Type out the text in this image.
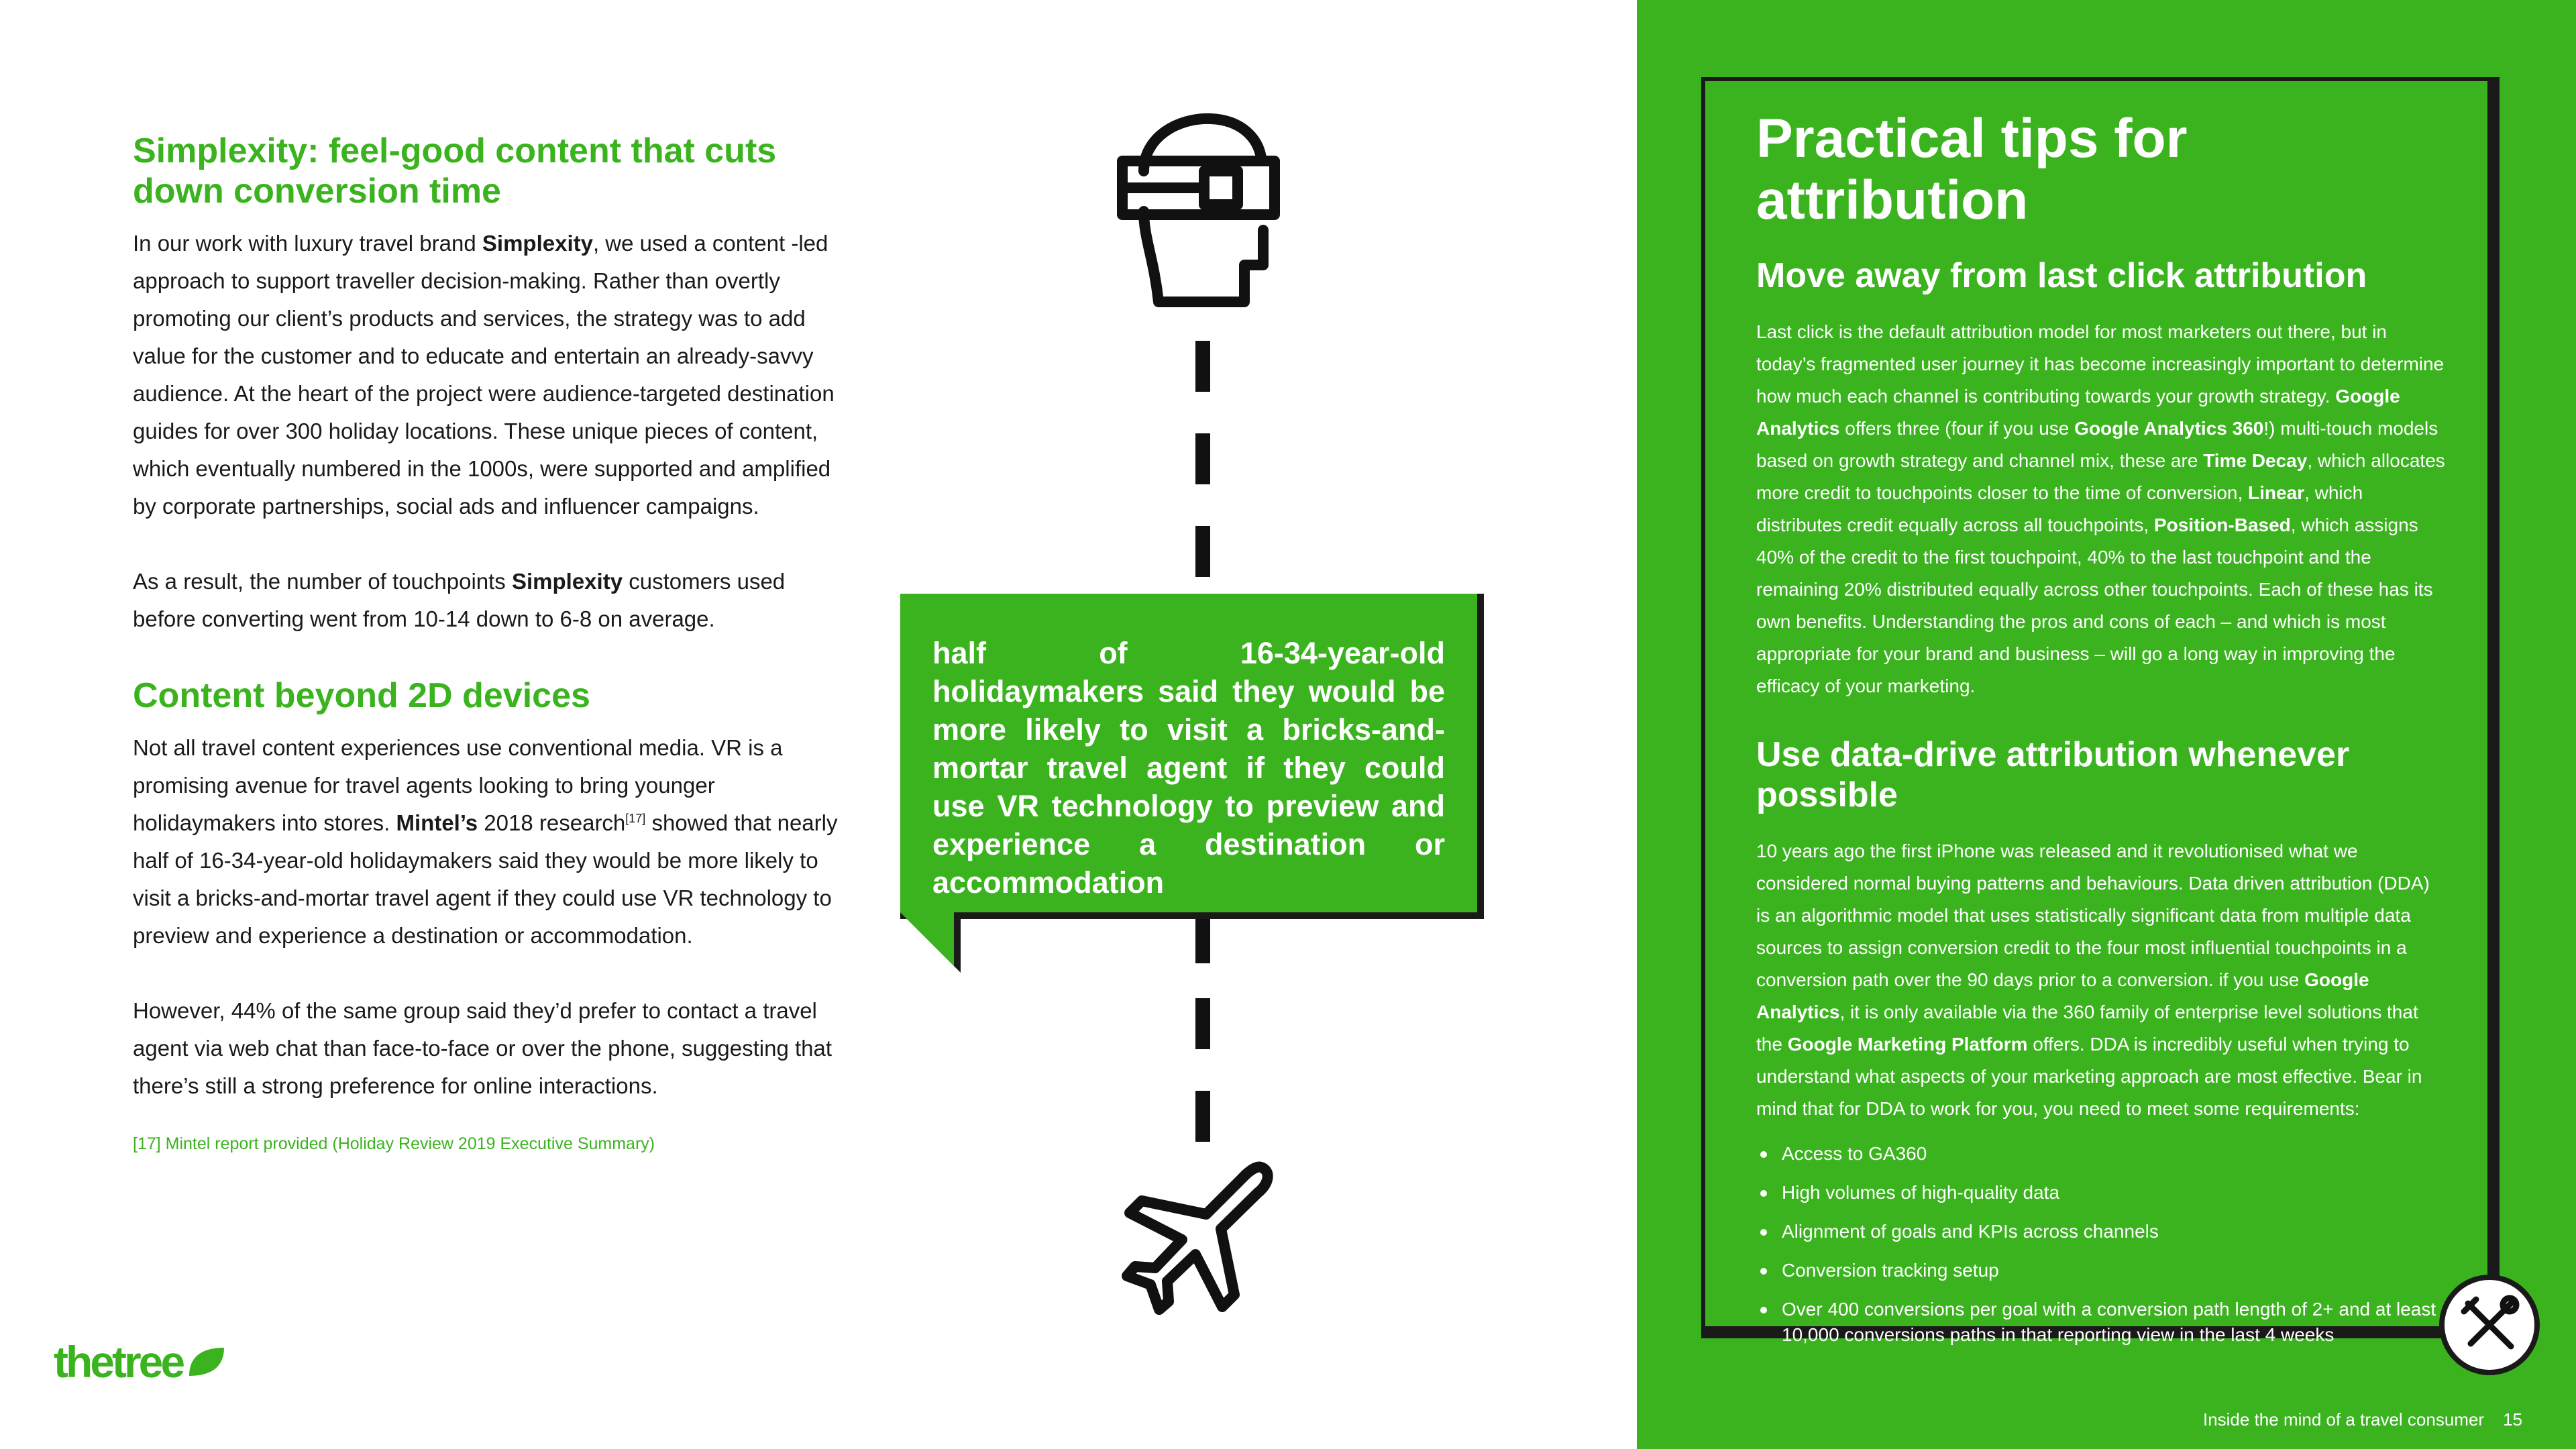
Simplexity: feel-good content that cuts down conversion time

In our work with luxury travel brand Simplexity, we used a content -led approach to support traveller decision-making. Rather than overtly promoting our client’s products and services, the strategy was to add value for the customer and to educate and entertain an already-savvy audience. At the heart of the project were audience-targeted destination guides for over 300 holiday locations. These unique pieces of content, which eventually numbered in the 1000s, were supported and amplified by corporate partnerships, social ads and influencer campaigns.

As a result, the number of touchpoints Simplexity customers used before converting went from 10-14 down to 6-8 on average.

Content beyond 2D devices

Not all travel content experiences use conventional media. VR is a promising avenue for travel agents looking to bring younger holidaymakers into stores. Mintel’s 2018 research[17] showed that nearly half of 16-34-year-old holidaymakers said they would be more likely to visit a bricks-and-mortar travel agent if they could use VR technology to preview and experience a destination or accommodation.

However, 44% of the same group said they’d prefer to contact a travel agent via web chat than face-to-face or over the phone, suggesting that there’s still a strong preference for online interactions.

[17] Mintel report provided (Holiday Review 2019 Executive Summary)

thetree

half of 16-34-year-old holidaymakers said they would be more likely to visit a bricks-and-mortar travel agent if they could use VR technology to preview and experience a destination or accommodation

Practical tips for attribution
Move away from last click attribution

Last click is the default attribution model for most marketers out there, but in today’s fragmented user journey it has become increasingly important to determine how much each channel is contributing towards your growth strategy. Google Analytics offers three (four if you use Google Analytics 360!) multi-touch models based on growth strategy and channel mix, these are Time Decay, which allocates more credit to touchpoints closer to the time of conversion, Linear, which distributes credit equally across all touchpoints, Position-Based, which assigns 40% of the credit to the first touchpoint, 40% to the last touchpoint and the remaining 20% distributed equally across other touchpoints. Each of these has its own benefits. Understanding the pros and cons of each – and which is most appropriate for your brand and business – will go a long way in improving the efficacy of your marketing.

Use data-drive attribution whenever possible

10 years ago the first iPhone was released and it revolutionised what we considered normal buying patterns and behaviours. Data driven attribution (DDA) is an algorithmic model that uses statistically significant data from multiple data sources to assign conversion credit to the four most influential touchpoints in a conversion path over the 90 days prior to a conversion. if you use Google Analytics, it is only available via the 360 family of enterprise level solutions that the Google Marketing Platform offers. DDA is incredibly useful when trying to understand what aspects of your marketing approach are most effective. Bear in mind that for DDA to work for you, you need to meet some requirements:

Access to GA360
High volumes of high-quality data
Alignment of goals and KPIs across channels
Conversion tracking setup
Over 400 conversions per goal with a conversion path length of 2+ and at least 10,000 conversions paths in that reporting view in the last 4 weeks
Inside the mind of a travel consumer 15
